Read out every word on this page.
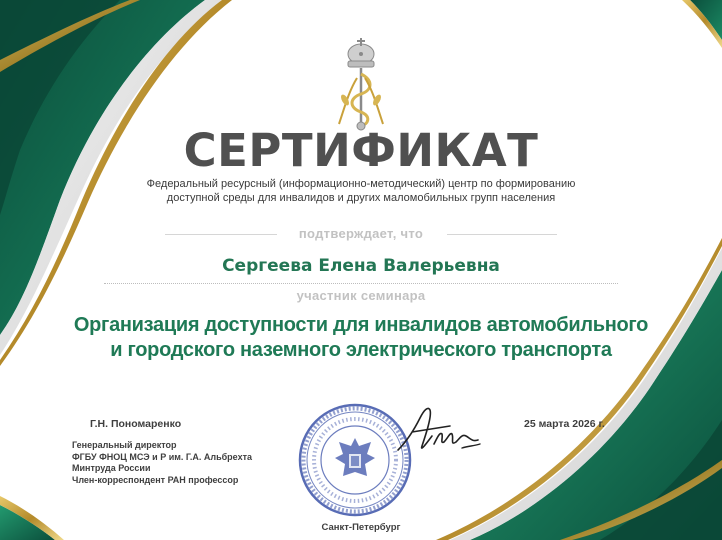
СЕРТИФИКАТ
Федеральный ресурсный (информационно-методический) центр по формированию
доступной среды для инвалидов и других маломобильных групп населения
подтверждает, что
Сергеева Елена Валерьевна
участник семинара
Организация доступности для инвалидов автомобильного
и городского наземного электрического транспорта
Г.Н. Пономаренко
Генеральный директор
ФГБУ ФНОЦ МСЭ и Р им. Г.А. Альбрехта
Минтруда России
Член-корреспондент РАН профессор
25 марта 2026 г.
Санкт-Петербург
